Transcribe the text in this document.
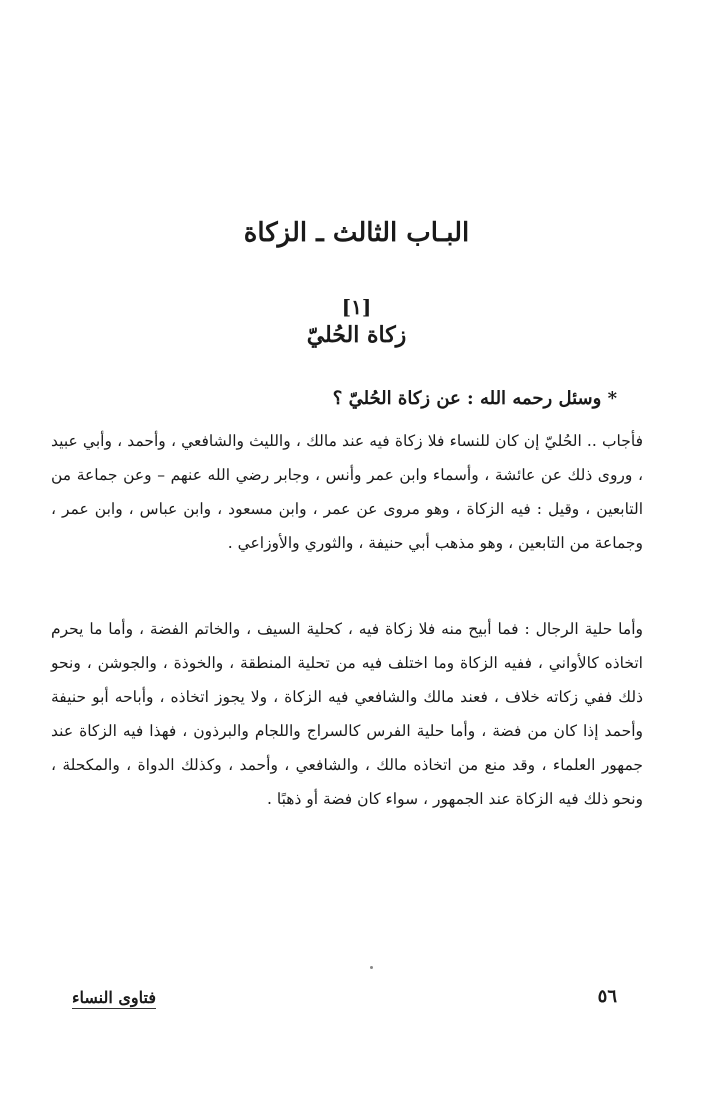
البـاب الثالث ـ الزكاة
[١]
زكاة الحُليّ
* وسئل رحمه الله : عن زكاة الحُليّ ؟

فأجاب .. الحُليّ إن كان للنساء فلا زكاة فيه عند مالك ، والليث والشافعي ، وأحمد ، وأبي عبيد ، وروى ذلك عن عائشة ، وأسماء وابن عمر وأنس ، وجابر رضي الله عنهم – وعن جماعة من التابعين ، وقيل : فيه الزكاة ، وهو مروى عن عمر ، وابن مسعود ، وابن عباس ، وابن عمر ، وجماعة من التابعين ، وهو مذهب أبي حنيفة ، والثوري والأوزاعي .

وأما حلية الرجال : فما أبيح منه فلا زكاة فيه ، كحلية السيف ، والخاتم الفضة ، وأما ما يحرم اتخاذه كالأواني ، ففيه الزكاة وما اختلف فيه من تحلية المنطقة ، والخوذة ، والجوشن ، ونحو ذلك ففي زكاته خلاف ، فعند مالك والشافعي فيه الزكاة ، ولا يجوز اتخاذه ، وأباحه أبو حنيفة وأحمد إذا كان من فضة ، وأما حلية الفرس كالسراج واللجام والبرذون ، فهذا فيه الزكاة عند جمهور العلماء ، وقد منع من اتخاذه مالك ، والشافعي ، وأحمد ، وكذلك الدواة ، والمكحلة ، ونحو ذلك فيه الزكاة عند الجمهور ، سواء كان فضة أو ذهبًا .

فتاوى النساء	٥٦
